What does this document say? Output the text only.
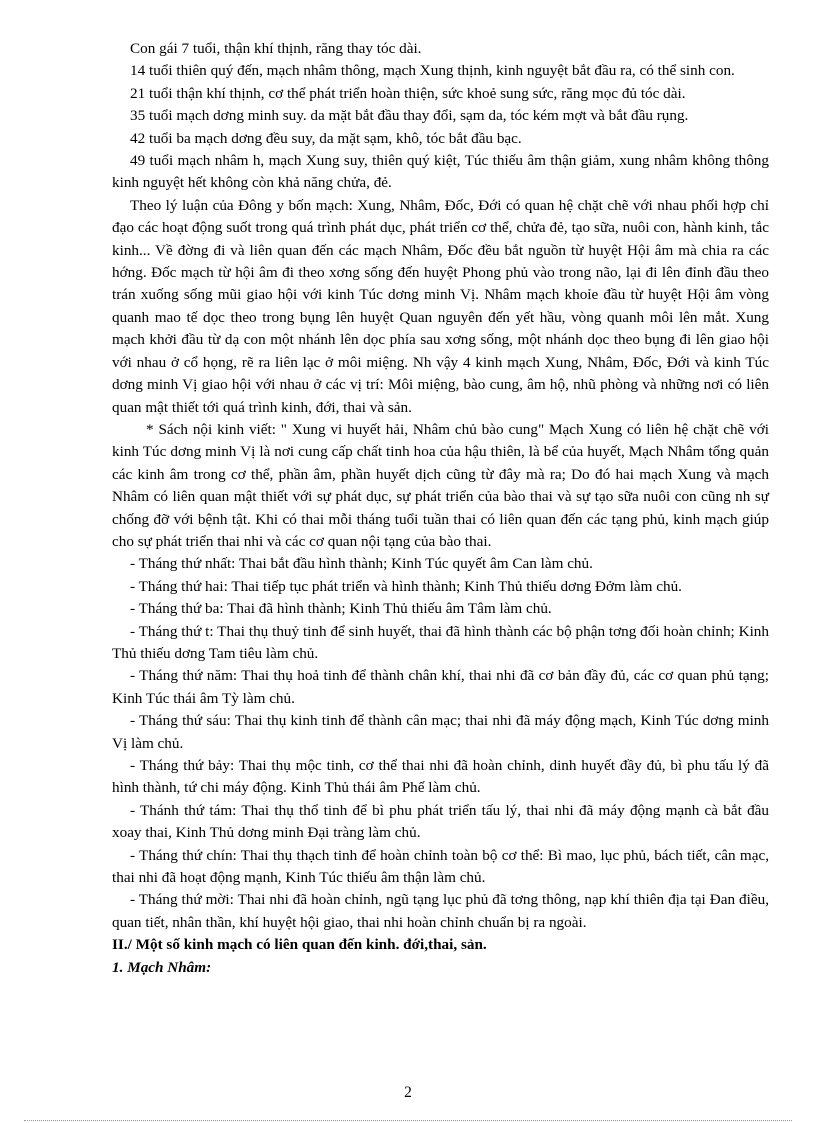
Con gái 7 tuổi, thận khí thịnh, răng thay tóc dài.

14 tuổi thiên quý đến, mạch nhâm thông, mạch Xung thịnh, kinh nguyệt bắt đầu ra, có thể sinh con.

21 tuổi thận khí thịnh, cơ thể phát triển hoàn thiện, sức khoẻ sung sức, răng mọc đủ tóc dài.

35 tuổi mạch dơng minh suy. da mặt bắt đầu thay đổi, sạm da, tóc kém mợt và bắt đầu rụng.

42 tuổi ba mạch dơng đều suy, da mặt sạm, khô, tóc bắt đầu bạc.

49 tuổi mạch nhâm h, mạch Xung suy, thiên quý kiệt, Túc thiếu âm thận giảm, xung nhâm không thông kinh nguyệt hết không còn khả năng chửa, đẻ.

Theo lý luận của Đông y bốn mạch: Xung, Nhâm, Đốc, Đới có quan hệ chặt chẽ với nhau phối hợp chỉ đạo các hoạt động suốt trong quá trình phát dục, phát triển cơ thể, chửa đẻ, tạo sữa, nuôi con, hành kinh, tắc kinh... Về đờng đi và liên quan đến các mạch Nhâm, Đốc đều bắt nguồn từ huyệt Hội âm mà chia ra các hớng. Đốc mạch từ hội âm đi theo xơng sống đến huyệt Phong phủ vào trong não, lại đi lên đỉnh đầu theo trán xuống sống mũi giao hội với kinh Túc dơng minh Vị. Nhâm mạch khoỉe đầu từ huyệt Hội âm vòng quanh mao tế dọc theo trong bụng lên huyệt Quan nguyên đến yết hầu, vòng quanh môi lên mắt. Xung mạch khởi đầu từ dạ con một nhánh lên dọc phía sau xơng sống, một nhánh dọc theo bụng đi lên giao hội với nhau ở cổ họng, rẽ ra liên lạc ở môi miệng. Nh vậy 4 kinh mạch Xung, Nhâm, Đốc, Đới và kinh Túc dơng minh Vị giao hội với nhau ở các vị trí: Môi miệng, bào cung, âm hộ, nhũ phòng và những nơi có liên quan mật thiết tới quá trình kinh, đới, thai và sản.

* Sách nội kinh viết: " Xung vi huyết hải, Nhâm chủ bào cung" Mạch Xung có liên hệ chặt chẽ với kinh Túc dơng minh Vị là nơi cung cấp chất tinh hoa của hậu thiên, là bể của huyết, Mạch Nhâm tổng quản các kinh âm trong cơ thể, phần âm, phần huyết dịch cũng từ đây mà ra; Do đó hai mạch Xung và mạch Nhâm có liên quan mật thiết với sự phát dục, sự phát triển của bào thai và sự tạo sữa nuôi con cũng nh sự chống đỡ với bệnh tật. Khi có thai mỗi tháng tuổi tuần thai có liên quan đến các tạng phủ, kinh mạch giúp cho sự phát triển thai nhi và các cơ quan nội tạng của bào thai.

- Tháng thứ nhất: Thai bắt đầu hình thành; Kinh Túc quyết âm Can làm chủ.

- Tháng thứ hai: Thai tiếp tục phát triển và hình thành; Kinh Thủ thiếu dơng Đởm làm chủ.

- Tháng thứ ba: Thai đã hình thành; Kinh Thủ thiếu âm Tâm làm chủ.

- Tháng thứ t: Thai thụ thuỷ tinh để sinh huyết, thai đã hình thành các bộ phận tơng đối hoàn chỉnh; Kinh Thủ thiếu dơng Tam tiêu làm chủ.

- Tháng thứ năm: Thai thụ hoả tinh để thành chân khí, thai nhi đã cơ bản đầy đủ, các cơ quan phủ tạng; Kinh Túc thái âm Tỳ làm chủ.

- Tháng thứ sáu: Thai thụ kinh tinh để thành cân mạc; thai nhi đã máy động mạch, Kinh Túc dơng minh Vị làm chủ.

- Tháng thứ bảy: Thai thụ mộc tinh, cơ thể thai nhi đã hoàn chỉnh, dinh huyết đầy đủ, bì phu tấu lý đã hình thành, tứ chi máy động. Kinh Thủ thái âm Phế làm chủ.

- Thánh thứ tám: Thai thụ thổ tinh để bì phu phát triển tấu lý, thai nhi đã máy động mạnh cà bắt đầu xoay thai, Kinh Thủ dơng minh Đại tràng làm chủ.

- Tháng thứ chín: Thai thụ thạch tinh để hoàn chỉnh toàn bộ cơ thể: Bì mao, lục phủ, bách tiết, cân mạc, thai nhi đã hoạt động mạnh, Kinh Túc thiếu âm thận làm chủ.

- Tháng thứ mời: Thai nhi đã hoàn chỉnh, ngũ tạng lục phủ đã tơng thông, nạp khí thiên địa tại Đan điều, quan tiết, nhân thần, khí huyệt hội giao, thai nhi hoàn chỉnh chuẩn bị ra ngoài.

II./ Một số kinh mạch có liên quan đến kinh. đới,thai, sản.

1. Mạch Nhâm:

2
